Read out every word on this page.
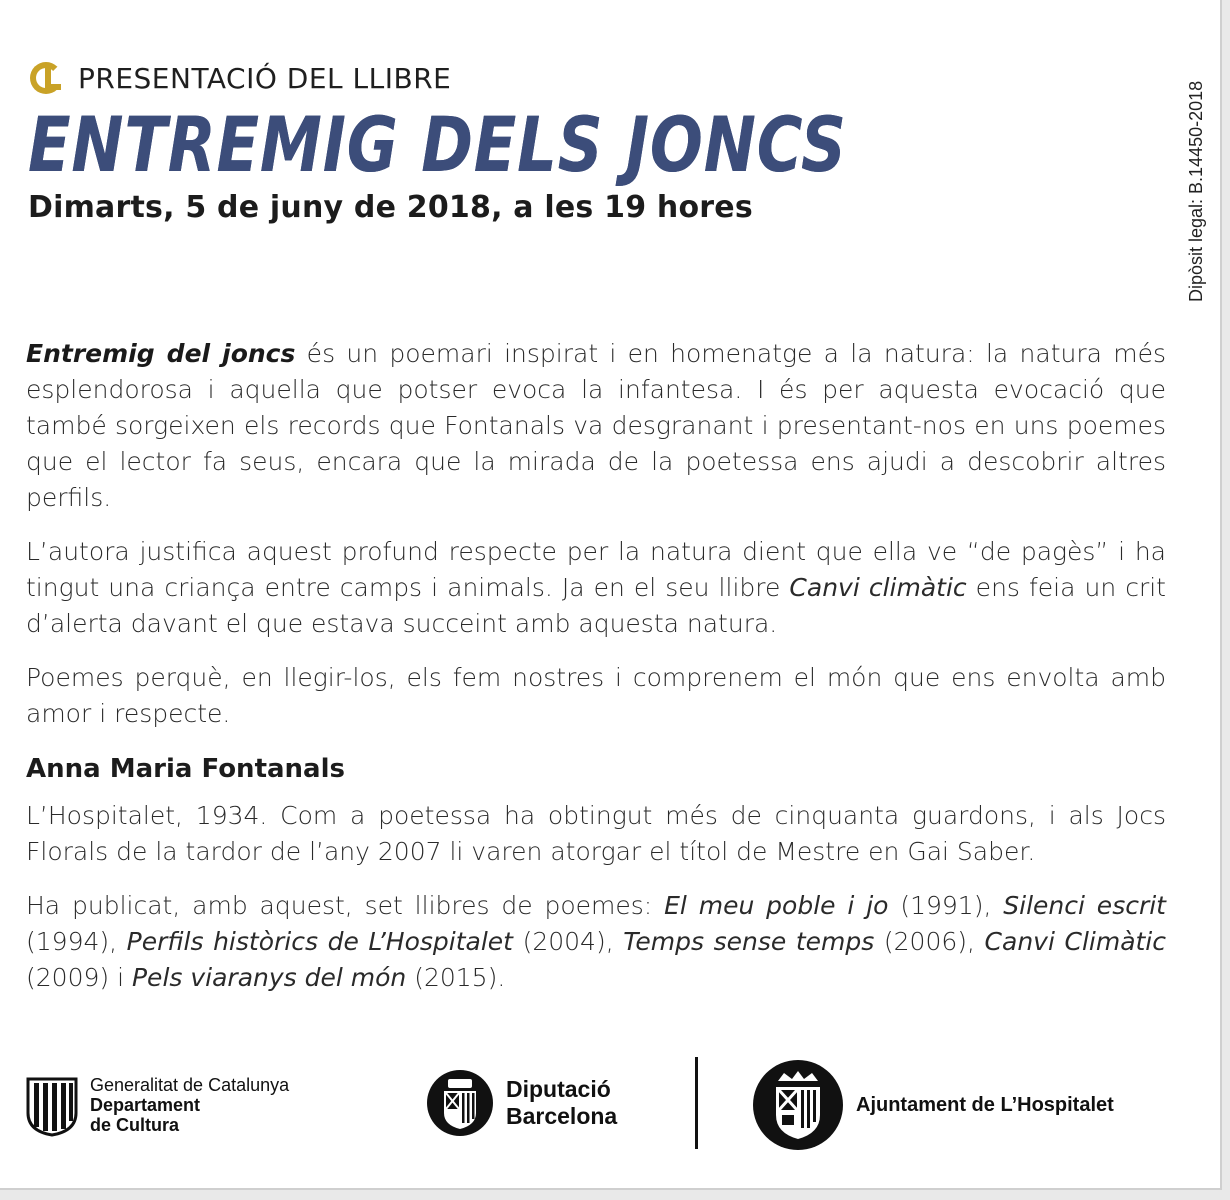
PRESENTACIÓ DEL LLIBRE
ENTREMIG DELS JONCS
Dimarts, 5 de juny de 2018, a les 19 hores	Dipòsit legal: B.14450-2018

Entremig del joncs és un poemari inspirat i en homenatge a la natura: la natura més esplendorosa i aquella que potser evoca la infantesa. I és per aquesta evocació que també sorgeixen els records que Fontanals va desgranant i presentant-nos en uns poemes que el lector fa seus, encara que la mirada de la poetessa ens ajudi a descobrir altres perfils.

L’autora justifica aquest profund respecte per la natura dient que ella ve “de pagès” i ha tingut una criança entre camps i animals. Ja en el seu llibre Canvi climàtic ens feia un crit d’alerta davant el que estava succeint amb aquesta natura.

Poemes perquè, en llegir-los, els fem nostres i comprenem el món que ens envolta amb amor i respecte.

Anna Maria Fontanals

L’Hospitalet, 1934. Com a poetessa ha obtingut més de cinquanta guardons, i als Jocs Florals de la tardor de l’any 2007 li varen atorgar el títol de Mestre en Gai Saber.

Ha publicat, amb aquest, set llibres de poemes: El meu poble i jo (1991), Silenci escrit (1994), Perfils històrics de L’Hospitalet (2004), Temps sense temps (2006), Canvi Climàtic (2009) i Pels viaranys del món (2015).

Generalitat de Catalunya
Departament
de Cultura
Diputació
Barcelona	Ajuntament de L’Hospitalet
